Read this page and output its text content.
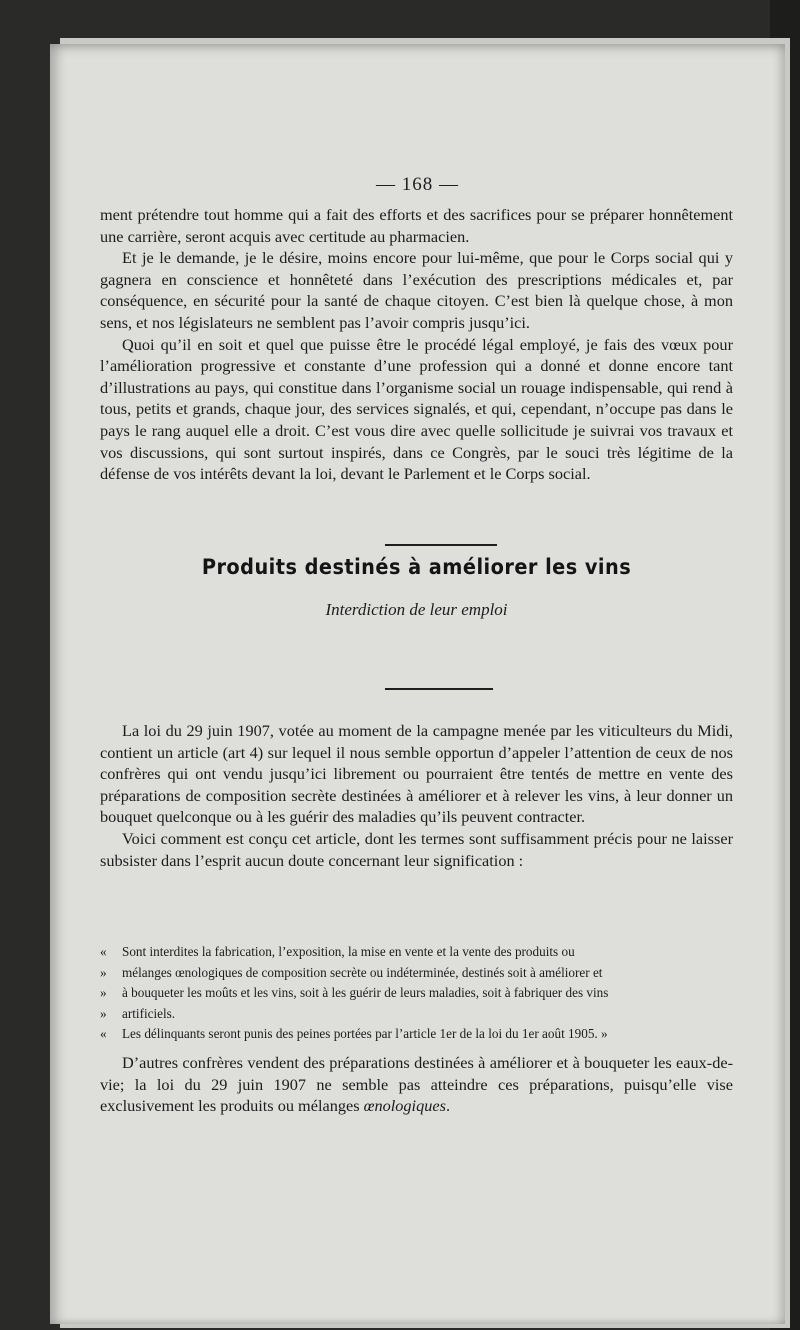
— 168 —

ment prétendre tout homme qui a fait des efforts et des sacrifices pour se préparer honnêtement une carrière, seront acquis avec certitude au pharmacien.

Et je le demande, je le désire, moins encore pour lui-même, que pour le Corps social qui y gagnera en conscience et honnêteté dans l’exécution des prescriptions médicales et, par conséquence, en sécurité pour la santé de chaque citoyen. C’est bien là quelque chose, à mon sens, et nos législateurs ne semblent pas l’avoir compris jusqu’ici.

Quoi qu’il en soit et quel que puisse être le procédé légal employé, je fais des vœux pour l’amélioration progressive et constante d’une profession qui a donné et donne encore tant d’illustrations au pays, qui constitue dans l’organisme social un rouage indispensable, qui rend à tous, petits et grands, chaque jour, des services signalés, et qui, cependant, n’occupe pas dans le pays le rang auquel elle a droit. C’est vous dire avec quelle sollicitude je suivrai vos travaux et vos discussions, qui sont surtout inspirés, dans ce Congrès, par le souci très légitime de la défense de vos intérêts devant la loi, devant le Parlement et le Corps social.

Produits destinés à améliorer les vins
Interdiction de leur emploi

La loi du 29 juin 1907, votée au moment de la campagne menée par les viticulteurs du Midi, contient un article (art 4) sur lequel il nous semble opportun d’appeler l’attention de ceux de nos confrères qui ont vendu jusqu’ici librement ou pourraient être tentés de mettre en vente des préparations de composition secrète destinées à améliorer et à relever les vins, à leur donner un bouquet quelconque ou à les guérir des maladies qu’ils peuvent contracter.

Voici comment est conçu cet article, dont les termes sont suffisamment précis pour ne laisser subsister dans l’esprit aucun doute concernant leur signification :

«	Sont interdites la fabrication, l’exposition, la mise en vente et la vente des produits ou
»	mélanges œnologiques de composition secrète ou indéterminée, destinés soit à améliorer et
»	à bouqueter les moûts et les vins, soit à les guérir de leurs maladies, soit à fabriquer des vins
»	artificiels.
«	Les délinquants seront punis des peines portées par l’article 1er de la loi du 1er août 1905. »

D’autres confrères vendent des préparations destinées à améliorer et à bouqueter les eaux-de-vie; la loi du 29 juin 1907 ne semble pas atteindre ces préparations, puisqu’elle vise exclusivement les produits ou mélanges œnologiques.
